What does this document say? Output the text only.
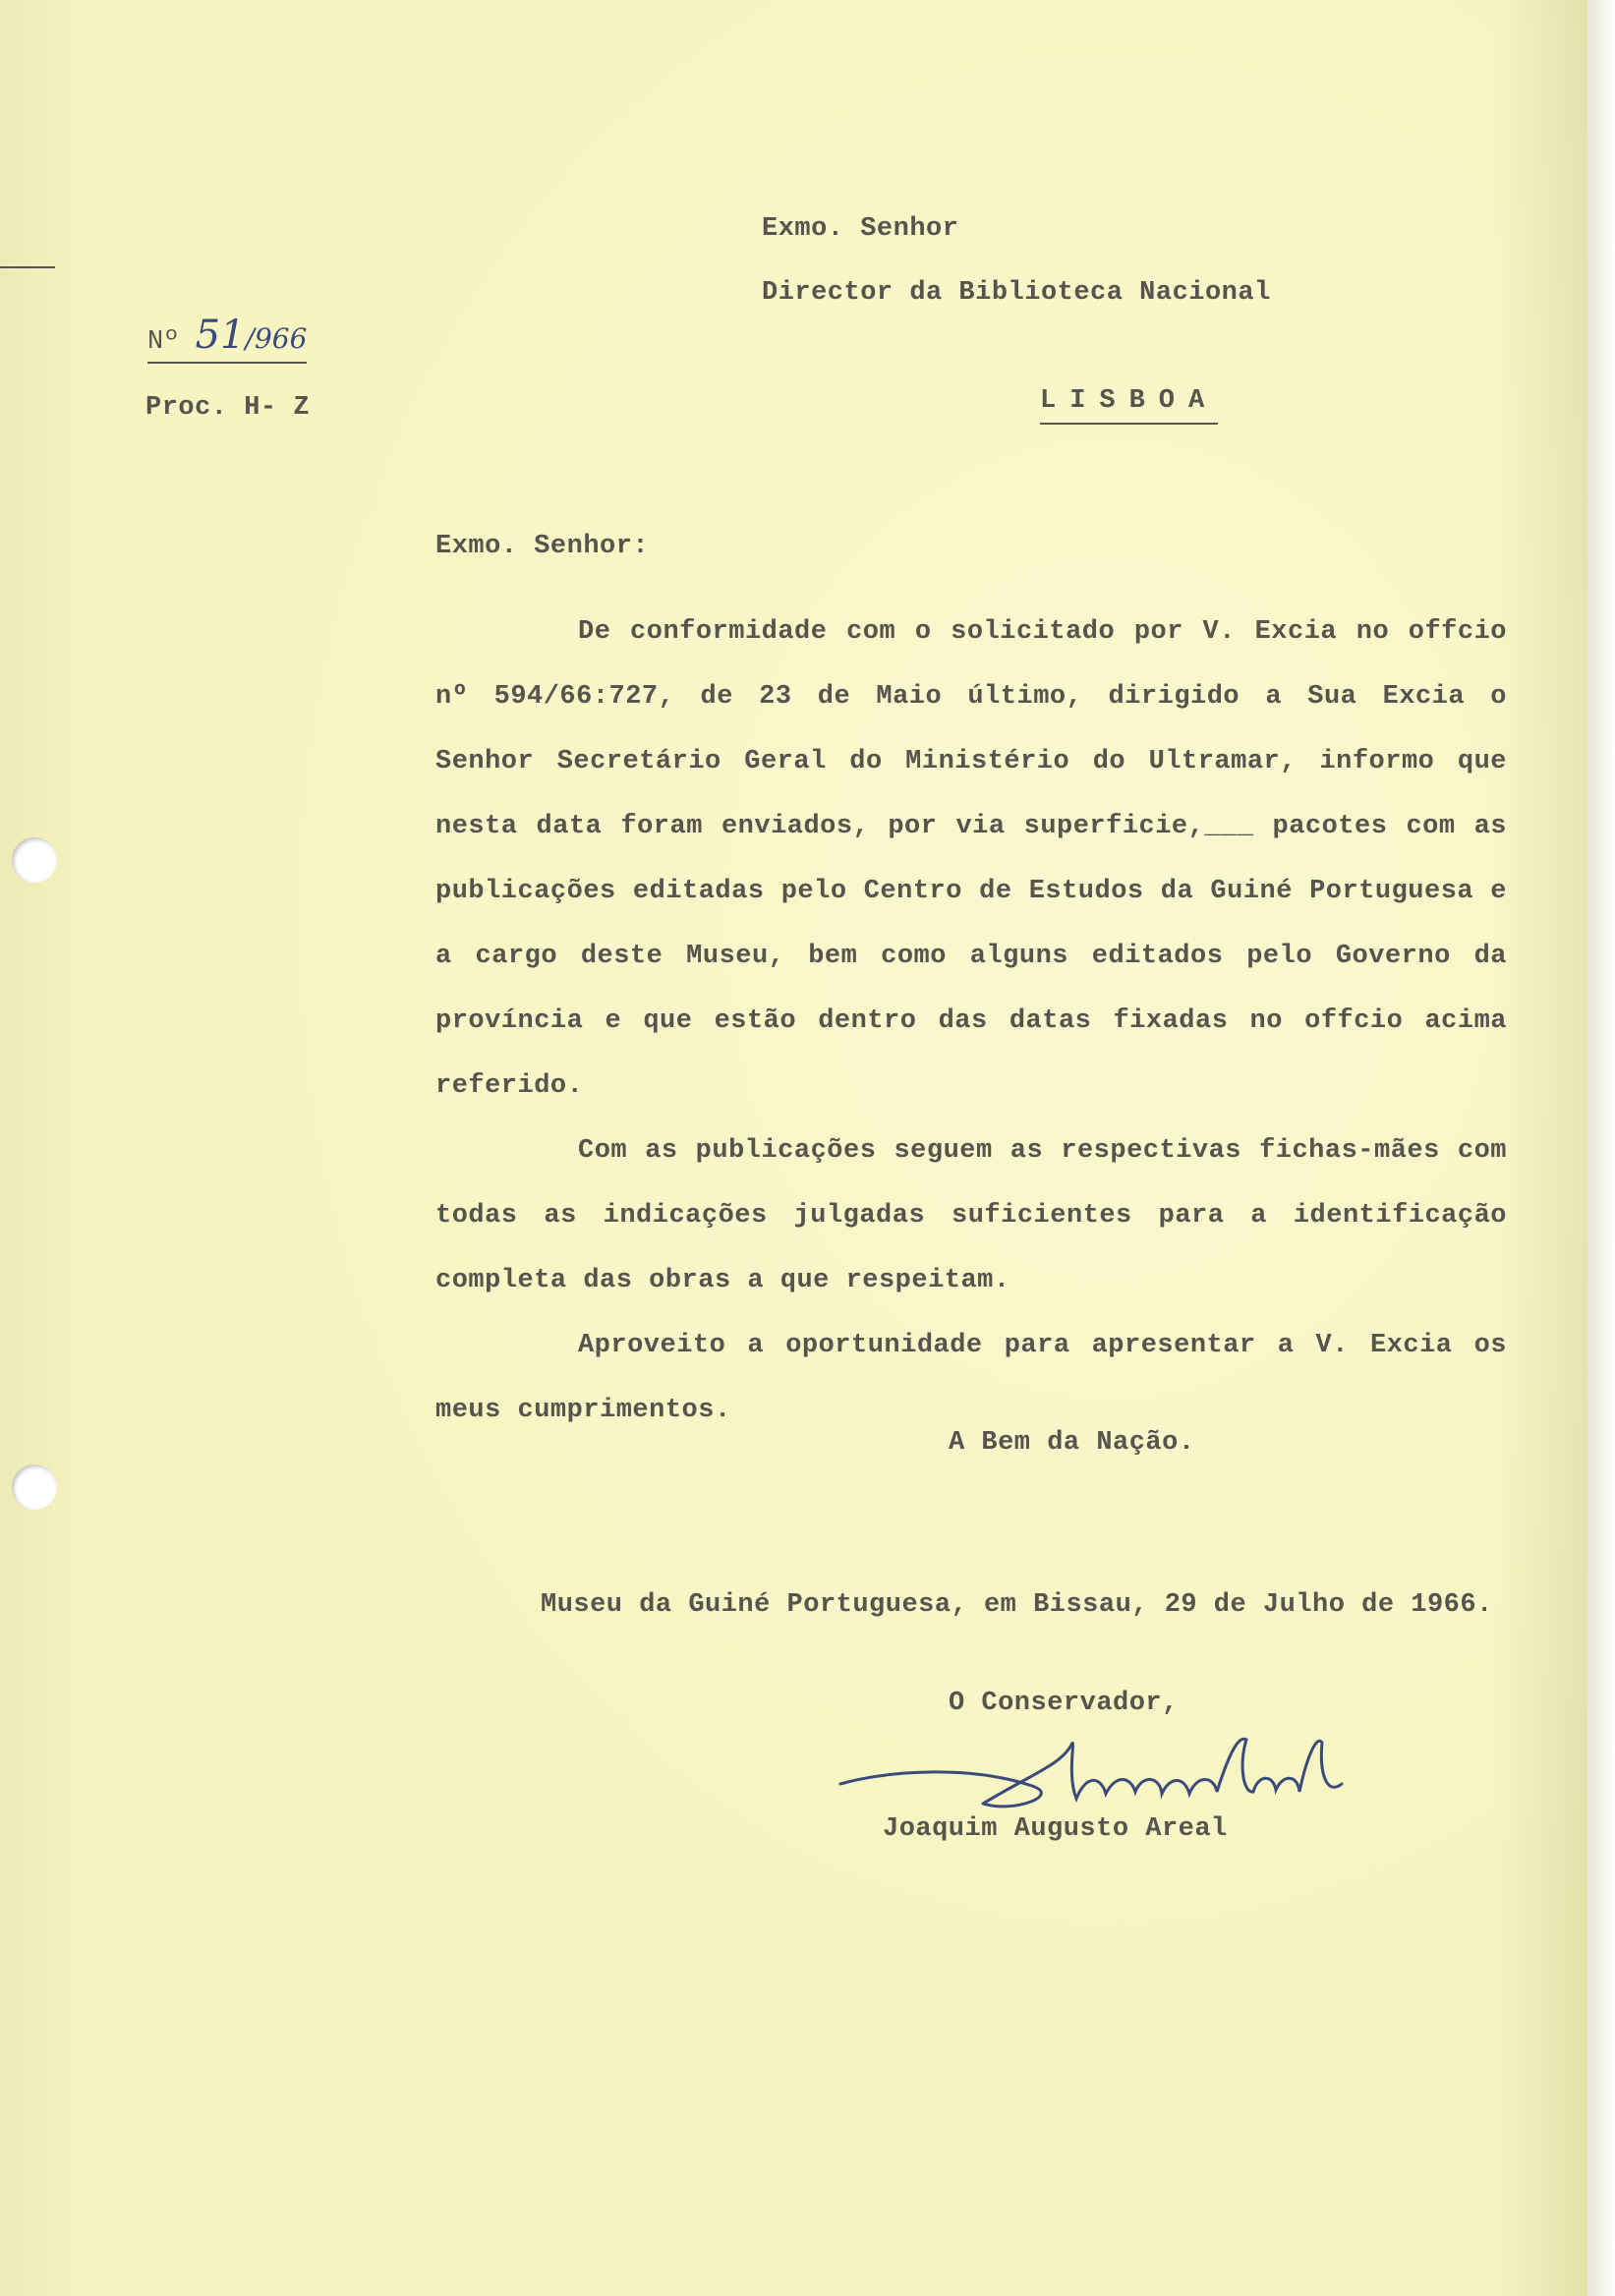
Exmo. Senhor
Director da Biblioteca Nacional
LISBOA
Nº 51/966
Proc. H- Z
Exmo. Senhor:

De conformidade com o solicitado por V. Excia no offcio nº 594/66:727, de 23 de Maio último, dirigido a Sua Excia o Senhor Secretário Geral do Ministério do Ultramar, informo que nesta data foram enviados, por via superficie,___ pacotes com as publicações editadas pelo Centro de Estudos da Guiné Portuguesa e a cargo deste Museu, bem como alguns editados pelo Governo da província e que estão dentro das datas fixadas no offcio acima referido.

Com as publicações seguem as respectivas fichas-mães com todas as indicações julgadas suficientes para a identificação completa das obras a que respeitam.

Aproveito a oportunidade para apresentar a V. Excia os meus cumprimentos.

A Bem da Nação.
Museu da Guiné Portuguesa, em Bissau, 29 de Julho de 1966.
O Conservador,
Joaquim Augusto Areal
